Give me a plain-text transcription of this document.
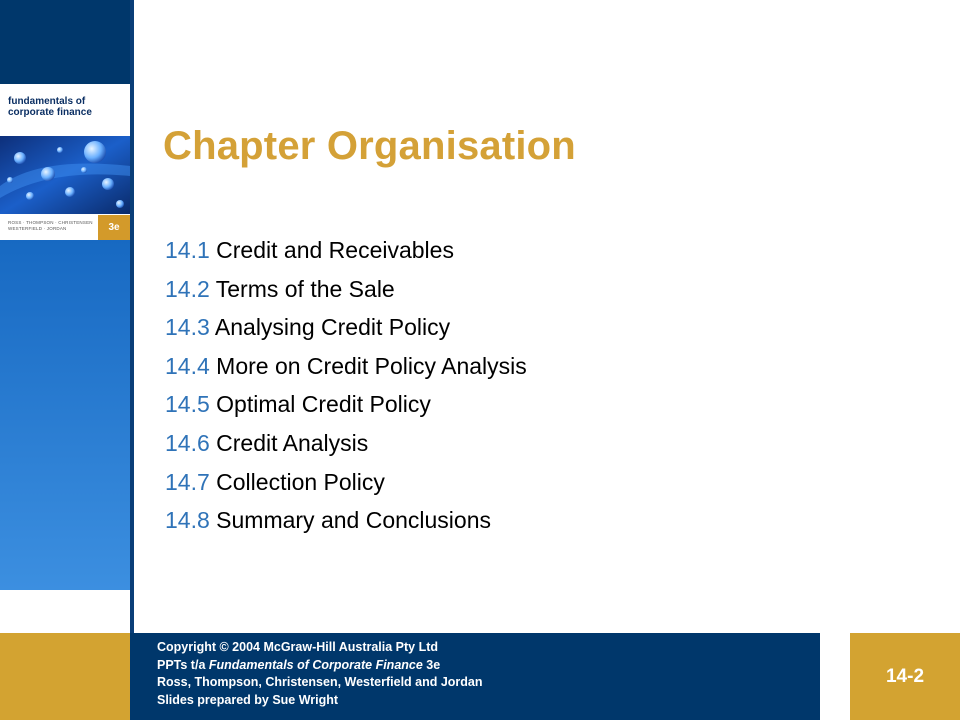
fundamentals of
corporate finance
ROSS · THOMPSON · CHRISTENSEN
WESTERFIELD · JORDAN	3e
Chapter Organisation
14.1 Credit and Receivables
14.2 Terms of the Sale
14.3 Analysing Credit Policy
14.4 More on Credit Policy Analysis
14.5 Optimal Credit Policy
14.6 Credit Analysis
14.7 Collection Policy
14.8 Summary and Conclusions
Copyright © 2004 McGraw-Hill Australia Pty Ltd
PPTs t/a Fundamentals of Corporate Finance 3e
Ross, Thompson, Christensen, Westerfield and Jordan
Slides prepared by Sue Wright
14-2
